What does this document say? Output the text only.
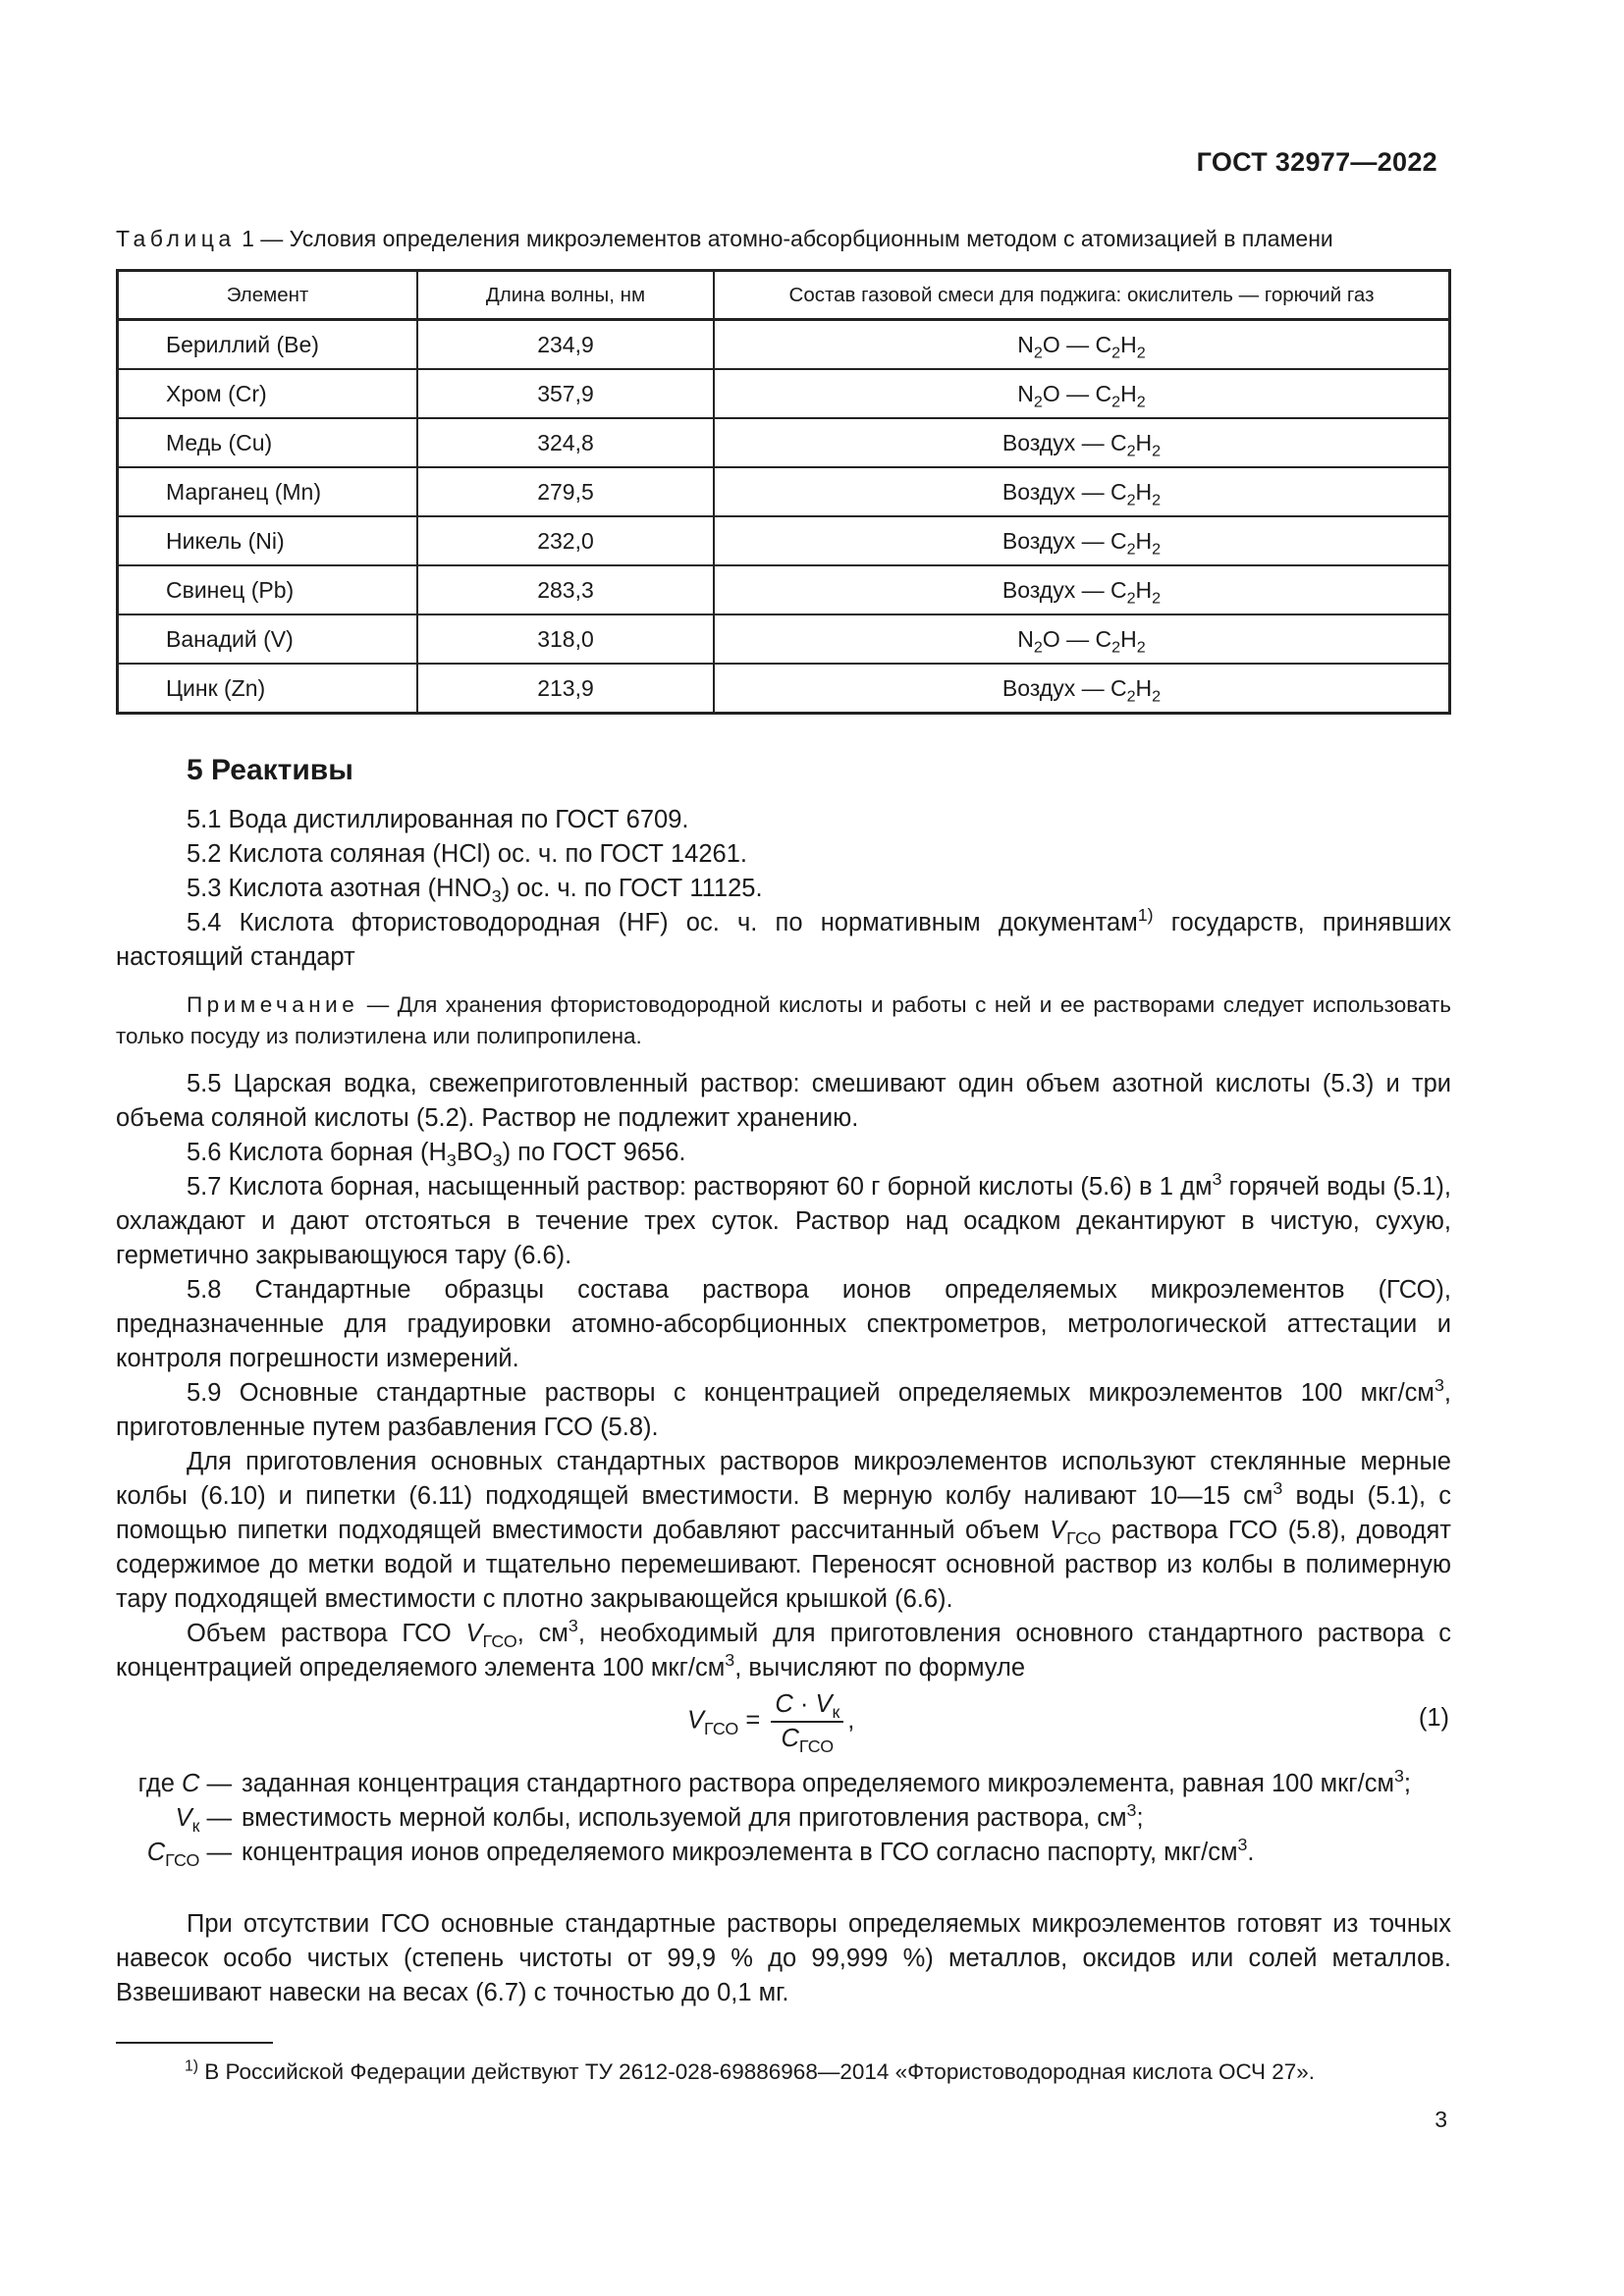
ГОСТ 32977—2022
Таблица 1 — Условия определения микроэлементов атомно-абсорбционным методом с атомизацией в пламени
Элемент	Длина волны, нм	Состав газовой смеси для поджига: окислитель — горючий газ
Бериллий (Be)	234,9	$N_2O$ — $C_2H_2$
Хром (Cr)	357,9	$N_2O$ — $C_2H_2$
Медь (Cu)	324,8	Воздух — $C_2H_2$
Марганец (Mn)	279,5	Воздух — $C_2H_2$
Никель (Ni)	232,0	Воздух — $C_2H_2$
Свинец (Pb)	283,3	Воздух — $C_2H_2$
Ванадий (V)	318,0	$N_2O$ — $C_2H_2$
Цинк (Zn)	213,9	Воздух — $C_2H_2$
5 Реактивы

5.1 Вода дистиллированная по ГОСТ 6709.

5.2 Кислота соляная (HCl) ос. ч. по ГОСТ 14261.

5.3 Кислота азотная $(HNO_3)$ ос. ч. по ГОСТ 11125.

5.4 Кислота фтористоводородная (HF) ос. ч. по нормативным документам$^{1)}$ государств, принявших настоящий стандарт

Примечание — Для хранения фтористоводородной кислоты и работы с ней и ее растворами следует использовать только посуду из полиэтилена или полипропилена.

5.5 Царская водка, свежеприготовленный раствор: смешивают один объем азотной кислоты (5.3) и три объема соляной кислоты (5.2). Раствор не подлежит хранению.

5.6 Кислота борная $(H_3BO_3)$ по ГОСТ 9656.

5.7 Кислота борная, насыщенный раствор: растворяют 60 г борной кислоты (5.6) в 1 $дм^3$ горячей воды (5.1), охлаждают и дают отстояться в течение трех суток. Раствор над осадком декантируют в чистую, сухую, герметично закрывающуюся тару (6.6).

5.8 Стандартные образцы состава раствора ионов определяемых микроэлементов (ГСО), предназначенные для градуировки атомно-абсорбционных спектрометров, метрологической аттестации и контроля погрешности измерений.

5.9 Основные стандартные растворы с концентрацией определяемых микроэлементов 100 мкг/$см^3$, приготовленные путем разбавления ГСО (5.8).

Для приготовления основных стандартных растворов микроэлементов используют стеклянные мерные колбы (6.10) и пипетки (6.11) подходящей вместимости. В мерную колбу наливают 10—15 $см^3$ воды (5.1), с помощью пипетки подходящей вместимости добавляют рассчитанный объем $V_{ГСО}$ раствора ГСО (5.8), доводят содержимое до метки водой и тщательно перемешивают. Переносят основной раствор из колбы в полимерную тару подходящей вместимости с плотно закрывающейся крышкой (6.6).

Объем раствора ГСО $V_{ГСО}$, $см^3$, необходимый для приготовления основного стандартного раствора с концентрацией определяемого элемента 100 мкг/$см^3$, вычисляют по формуле

$V_{ГСО} = \frac{C \cdot V_к}{C_{ГСО}}$ ,	(1)
где C — заданная концентрация стандартного раствора определяемого микроэлемента, равная 100 мкг/$см^3$;
$V_к$ — вместимость мерной колбы, используемой для приготовления раствора, $см^3$;
$C_{ГСО}$ — концентрация ионов определяемого микроэлемента в ГСО согласно паспорту, мкг/$см^3$.

При отсутствии ГСО основные стандартные растворы определяемых микроэлементов готовят из точных навесок особо чистых (степень чистоты от 99,9 % до 99,999 %) металлов, оксидов или солей металлов. Взвешивают навески на весах (6.7) с точностью до 0,1 мг.

$^{1)}$ В Российской Федерации действуют ТУ 2612-028-69886968—2014 «Фтористоводородная кислота ОСЧ 27».
3
